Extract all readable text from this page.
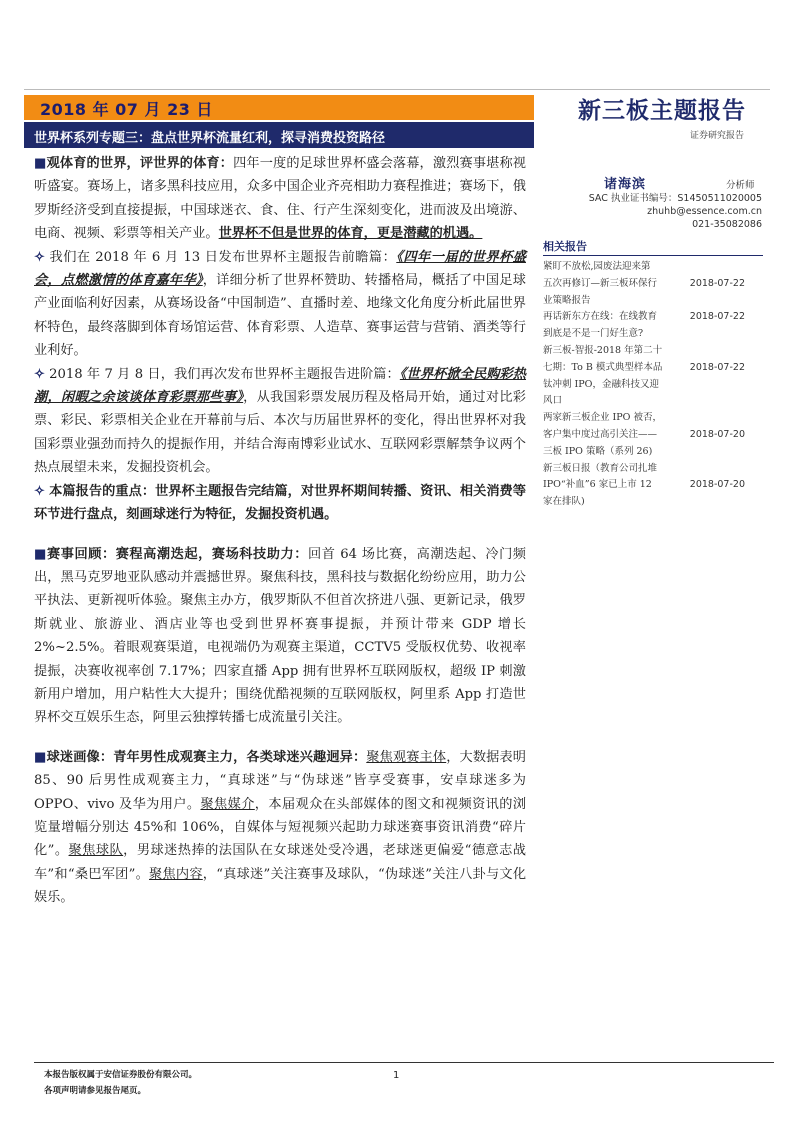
2018 年 07 月 23 日
世界杯系列专题三：盘点世界杯流量红利，探寻消费投资路径
新三板主题报告
证券研究报告

■观体育的世界，评世界的体育：四年一度的足球世界杯盛会落幕，激烈赛事堪称视听盛宴。赛场上，诸多黑科技应用，众多中国企业齐亮相助力赛程推进；赛场下，俄罗斯经济受到直接提振，中国球迷衣、食、住、行产生深刻变化，进而波及出境游、电商、视频、彩票等相关产业。世界杯不但是世界的体育，更是潜藏的机遇。

✧ 我们在 2018 年 6 月 13 日发布世界杯主题报告前瞻篇：《四年一届的世界杯盛会，点燃激情的体育嘉年华》，详细分析了世界杯赞助、转播格局，概括了中国足球产业面临利好因素，从赛场设备“中国制造”、直播时差、地缘文化角度分析此届世界杯特色，最终落脚到体育场馆运营、体育彩票、人造草、赛事运营与营销、酒类等行业利好。

✧ 2018 年 7 月 8 日，我们再次发布世界杯主题报告进阶篇：《世界杯掀全民购彩热潮，闲暇之余该谈体育彩票那些事》，从我国彩票发展历程及格局开始，通过对比彩票、彩民、彩票相关企业在开幕前与后、本次与历届世界杯的变化，得出世界杯对我国彩票业强劲而持久的提振作用，并结合海南博彩业试水、互联网彩票解禁争议两个热点展望未来，发掘投资机会。

✧ 本篇报告的重点：世界杯主题报告完结篇，对世界杯期间转播、资讯、相关消费等环节进行盘点，刻画球迷行为特征，发掘投资机遇。

■赛事回顾：赛程高潮迭起，赛场科技助力：回首 64 场比赛，高潮迭起、冷门频出，黑马克罗地亚队感动并震撼世界。聚焦科技，黑科技与数据化纷纷应用，助力公平执法、更新视听体验。聚焦主办方，俄罗斯队不但首次挤进八强、更新记录，俄罗斯就业、旅游业、酒店业等也受到世界杯赛事提振，并预计带来 GDP 增长 2%~2.5%。着眼观赛渠道，电视端仍为观赛主渠道，CCTV5 受版权优势、收视率提振，决赛收视率创 7.17%；四家直播 App 拥有世界杯互联网版权，超级 IP 刺激新用户增加，用户粘性大大提升；围绕优酷视频的互联网版权，阿里系 App 打造世界杯交互娱乐生态，阿里云独撑转播七成流量引关注。

■球迷画像：青年男性成观赛主力，各类球迷兴趣迥异：聚焦观赛主体，大数据表明 85、90 后男性成观赛主力，“真球迷”与“伪球迷”皆享受赛事，安卓球迷多为 OPPO、vivo 及华为用户。聚焦媒介，本届观众在头部媒体的图文和视频资讯的浏览量增幅分别达 45%和 106%，自媒体与短视频兴起助力球迷赛事资讯消费“碎片化”。聚焦球队，男球迷热捧的法国队在女球迷处受冷遇，老球迷更偏爱“德意志战车”和“桑巴军团”。聚焦内容，“真球迷”关注赛事及球队，“伪球迷”关注八卦与文化娱乐。

诸海滨	分析师
SAC 执业证书编号：S1450511020005
zhuhb@essence.com.cn
021-35082086
相关报告
紧盯不放松,园废法迎来第
五次再修订—新三板环保行
业策略报告
2018-07-22
再话新东方在线：在线教育
到底是不是一门好生意?
2018-07-22
新三板-智报-2018 年第二十
七期：To B 模式典型样本品
钛冲刺 IPO，金融科技又迎
风口
2018-07-22
两家新三板企业 IPO 被否，
客户集中度过高引关注——
三板 IPO 策略（系列 26)
2018-07-20
新三板日报（教育公司扎堆
IPO“补血”6 家已上市 12
家在排队)
2018-07-20
本报告版权属于安信证券股份有限公司。
各项声明请参见报告尾页。
1
